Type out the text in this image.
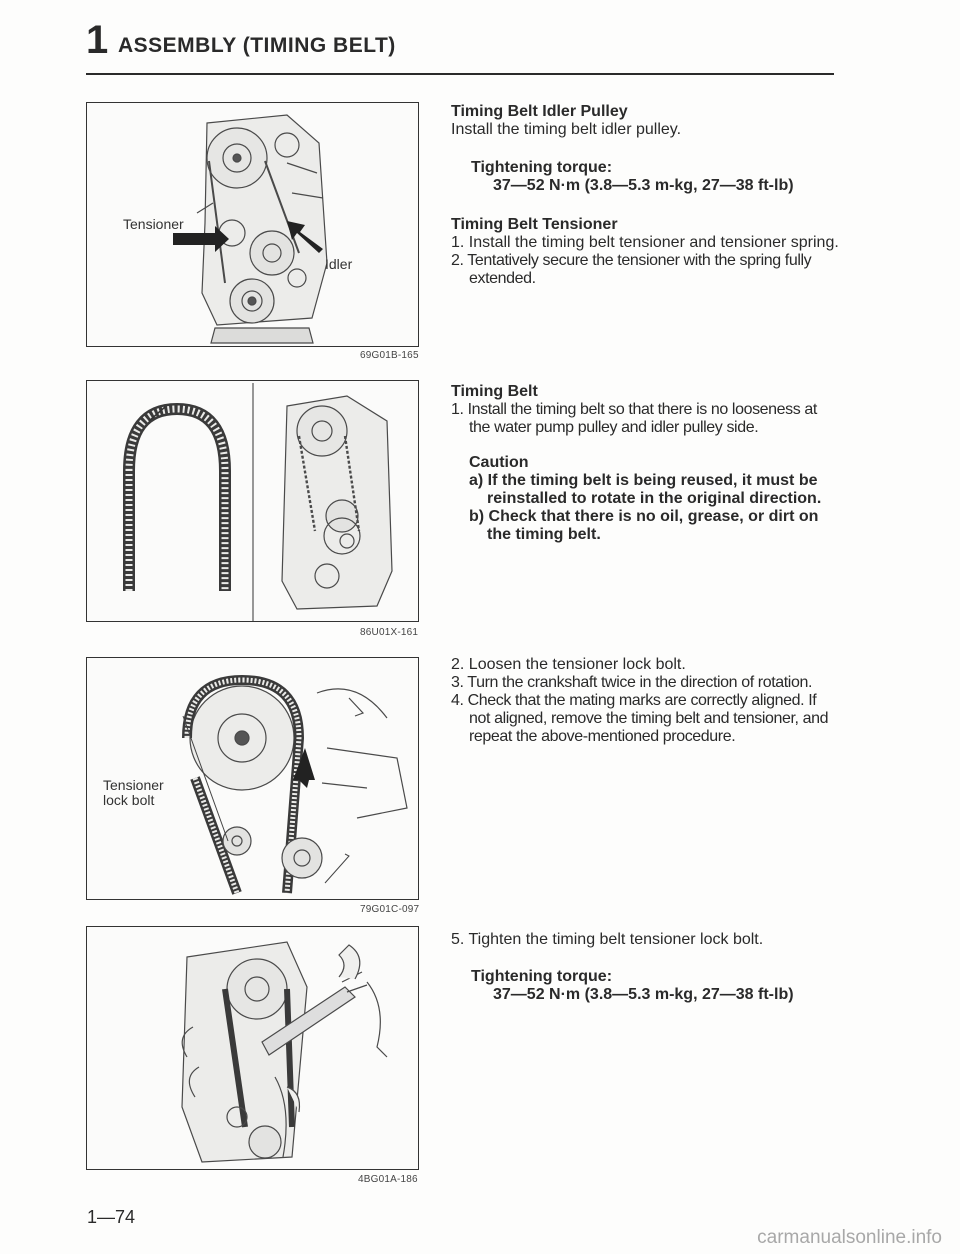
1 ASSEMBLY (TIMING BELT)
Tensioner
Idler
69G01B-165
86U01X-161
Tensioner
lock bolt
79G01C-097
4BG01A-186
Timing Belt Idler Pulley
Install the timing belt idler pulley.
Tightening torque:
37—52 N·m (3.8—5.3 m-kg, 27—38 ft-lb)
Timing Belt Tensioner
1. Install the timing belt tensioner and tensioner spring.
2. Tentatively secure the tensioner with the spring fully extended.
Timing Belt
1. Install the timing belt so that there is no looseness at the water pump pulley and idler pulley side.
Caution
a) If the timing belt is being reused, it must be reinstalled to rotate in the original direction.
b) Check that there is no oil, grease, or dirt on the timing belt.
2. Loosen the tensioner lock bolt.
3. Turn the crankshaft twice in the direction of rotation.
4. Check that the mating marks are correctly aligned. If not aligned, remove the timing belt and tensioner, and repeat the above-mentioned procedure.
5. Tighten the timing belt tensioner lock bolt.
Tightening torque:
37—52 N·m (3.8—5.3 m-kg, 27—38 ft-lb)
1—74
carmanualsonline.info
